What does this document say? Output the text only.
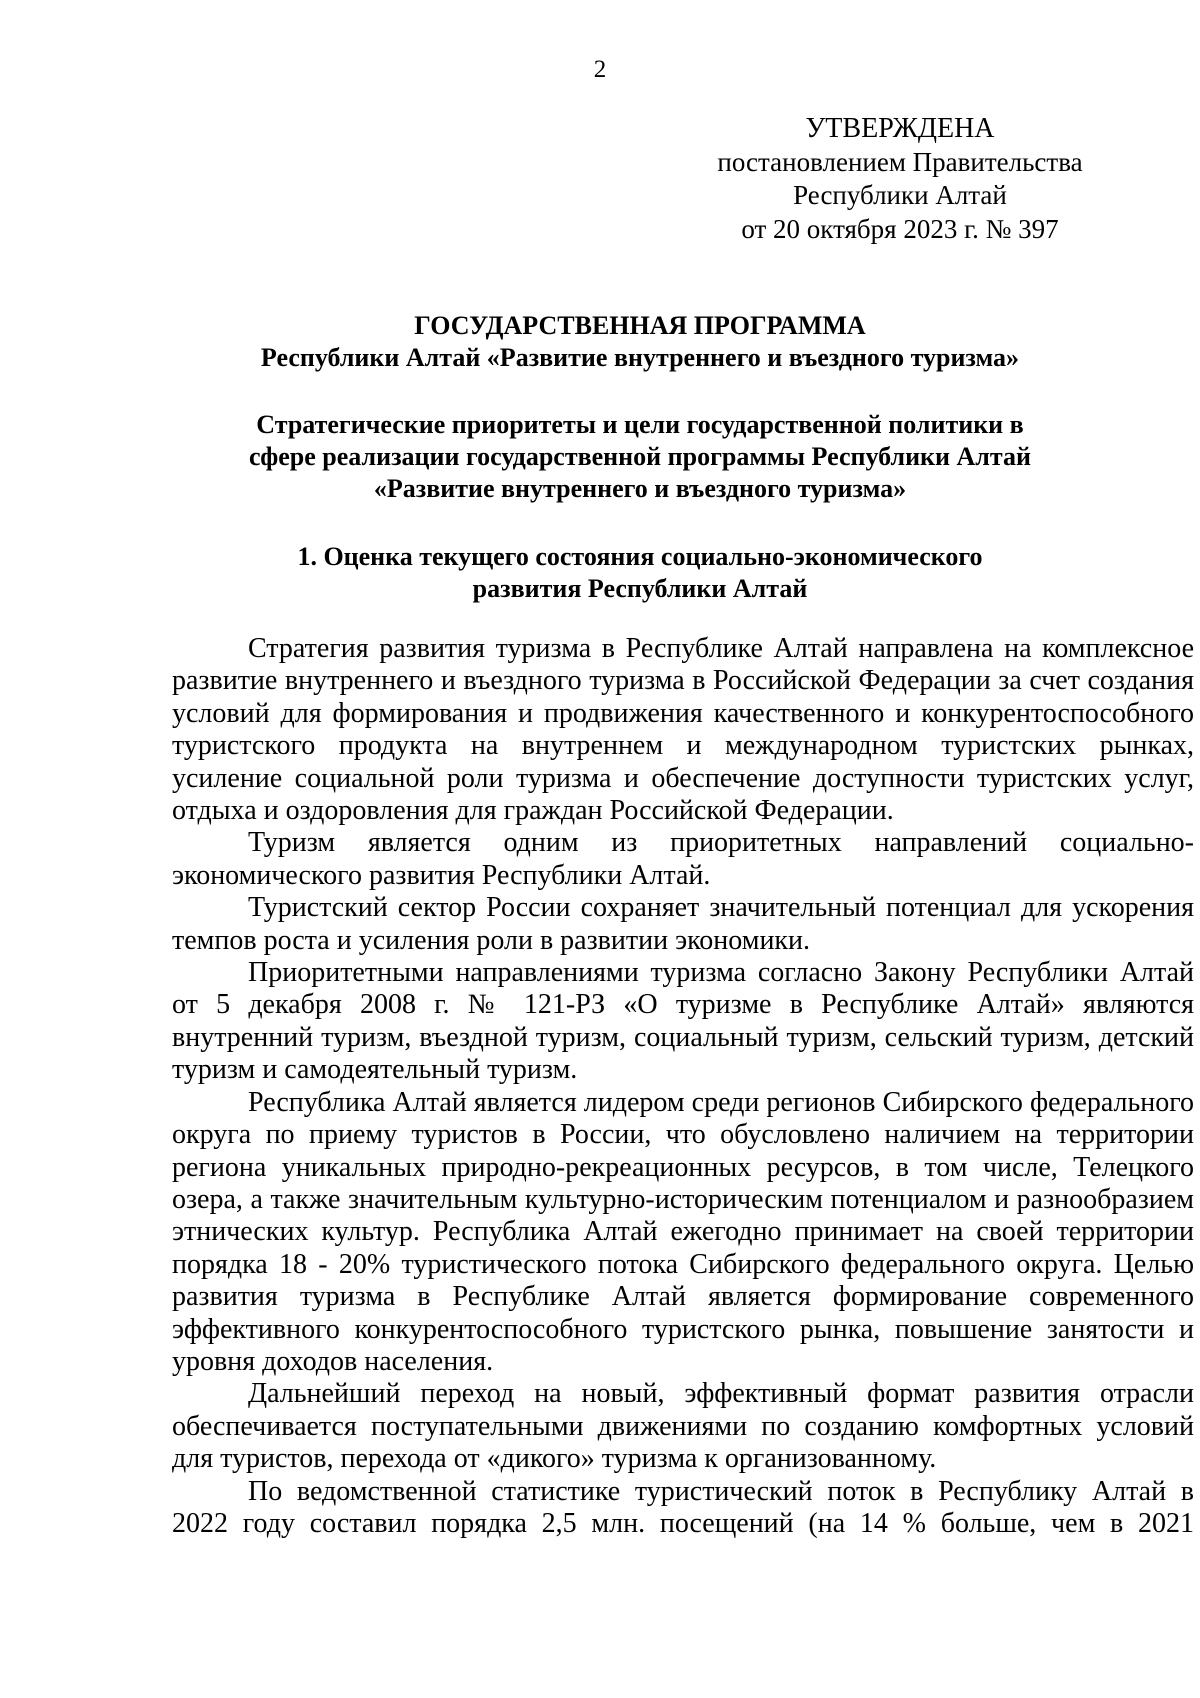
2
УТВЕРЖДЕНА
постановлением Правительства
Республики Алтай
от 20 октября 2023 г. № 397
ГОСУДАРСТВЕННАЯ ПРОГРАММА
Республики Алтай «Развитие внутреннего и въездного туризма»
Стратегические приоритеты и цели государственной политики в
сфере реализации государственной программы Республики Алтай
«Развитие внутреннего и въездного туризма»
1. Оценка текущего состояния социально-экономического
развития Республики Алтай

Стратегия развития туризма в Республике Алтай направлена на комплексное развитие внутреннего и въездного туризма в Российской Федерации за счет создания условий для формирования и продвижения качественного и конкурентоспособного туристского продукта на внутреннем и международном туристских рынках, усиление социальной роли туризма и обеспечение доступности туристских услуг, отдыха и оздоровления для граждан Российской Федерации.

Туризм является одним из приоритетных направлений социально-экономического развития Республики Алтай.

Туристский сектор России сохраняет значительный потенциал для ускорения темпов роста и усиления роли в развитии экономики.

Приоритетными направлениями туризма согласно Закону Республики Алтай от 5 декабря 2008 г. № 121-РЗ «О туризме в Республике Алтай» являются внутренний туризм, въездной туризм, социальный туризм, сельский туризм, детский туризм и самодеятельный туризм.

Республика Алтай является лидером среди регионов Сибирского федерального округа по приему туристов в России, что обусловлено наличием на территории региона уникальных природно-рекреационных ресурсов, в том числе, Телецкого озера, а также значительным культурно-историческим потенциалом и разнообразием этнических культур. Республика Алтай ежегодно принимает на своей территории порядка 18 - 20% туристического потока Сибирского федерального округа. Целью развития туризма в Республике Алтай является формирование современного эффективного конкурентоспособного туристского рынка, повышение занятости и уровня доходов населения.

Дальнейший переход на новый, эффективный формат развития отрасли обеспечивается поступательными движениями по созданию комфортных условий для туристов, перехода от «дикого» туризма к организованному.

По ведомственной статистике туристический поток в Республику Алтай в 2022 году составил порядка 2,5 млн. посещений (на 14 % больше, чем в 2021
